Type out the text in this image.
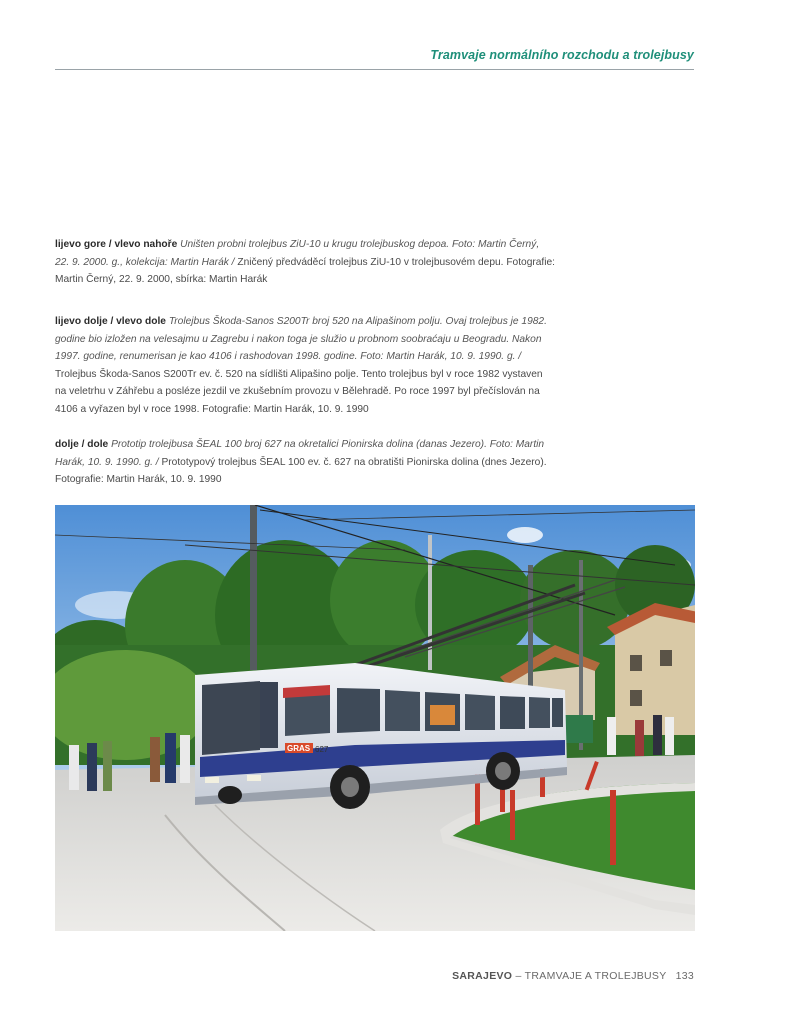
Tramvaje normálního rozchodu a trolejbusy
lijevo gore / vlevo nahoře Uništen probni trolejbus ZiU-10 u krugu trolejbuskog depoa. Foto: Martin Černý, 22. 9. 2000. g., kolekcija: Martin Harák / Zničený předváděcí trolejbus ZiU-10 v trolejbusovém depu. Fotografie: Martin Černý, 22. 9. 2000, sbírka: Martin Harák
lijevo dolje / vlevo dole Trolejbus Škoda-Sanos S200Tr broj 520 na Alipašinom polju. Ovaj trolejbus je 1982. godine bio izložen na velesajmu u Zagrebu i nakon toga je služio u probnom soobraćaju u Beogradu. Nakon 1997. godine, renumerisan je kao 4106 i rashodovan 1998. godine. Foto: Martin Harák, 10. 9. 1990. g. / Trolejbus Škoda-Sanos S200Tr ev. č. 520 na sídlišti Alipašino polje. Tento trolejbus byl v roce 1982 vystaven na veletrhu v Záhřebu a posléze jezdil ve zkušebním provozu v Bělehradě. Po roce 1997 byl přečíslován na 4106 a vyřazen byl v roce 1998. Fotografie: Martin Harák, 10. 9. 1990
dolje / dole Prototip trolejbusa ŠEAL 100 broj 627 na okretalici Pionirska dolina (danas Jezero). Foto: Martin Harák, 10. 9. 1990. g. / Prototypový trolejbus ŠEAL 100 ev. č. 627 na obratišti Pionirska dolina (dnes Jezero). Fotografie: Martin Harák, 10. 9. 1990
GRAS 627
SARAJEVO – TRAMVAJE A TROLEJBUSY 133
